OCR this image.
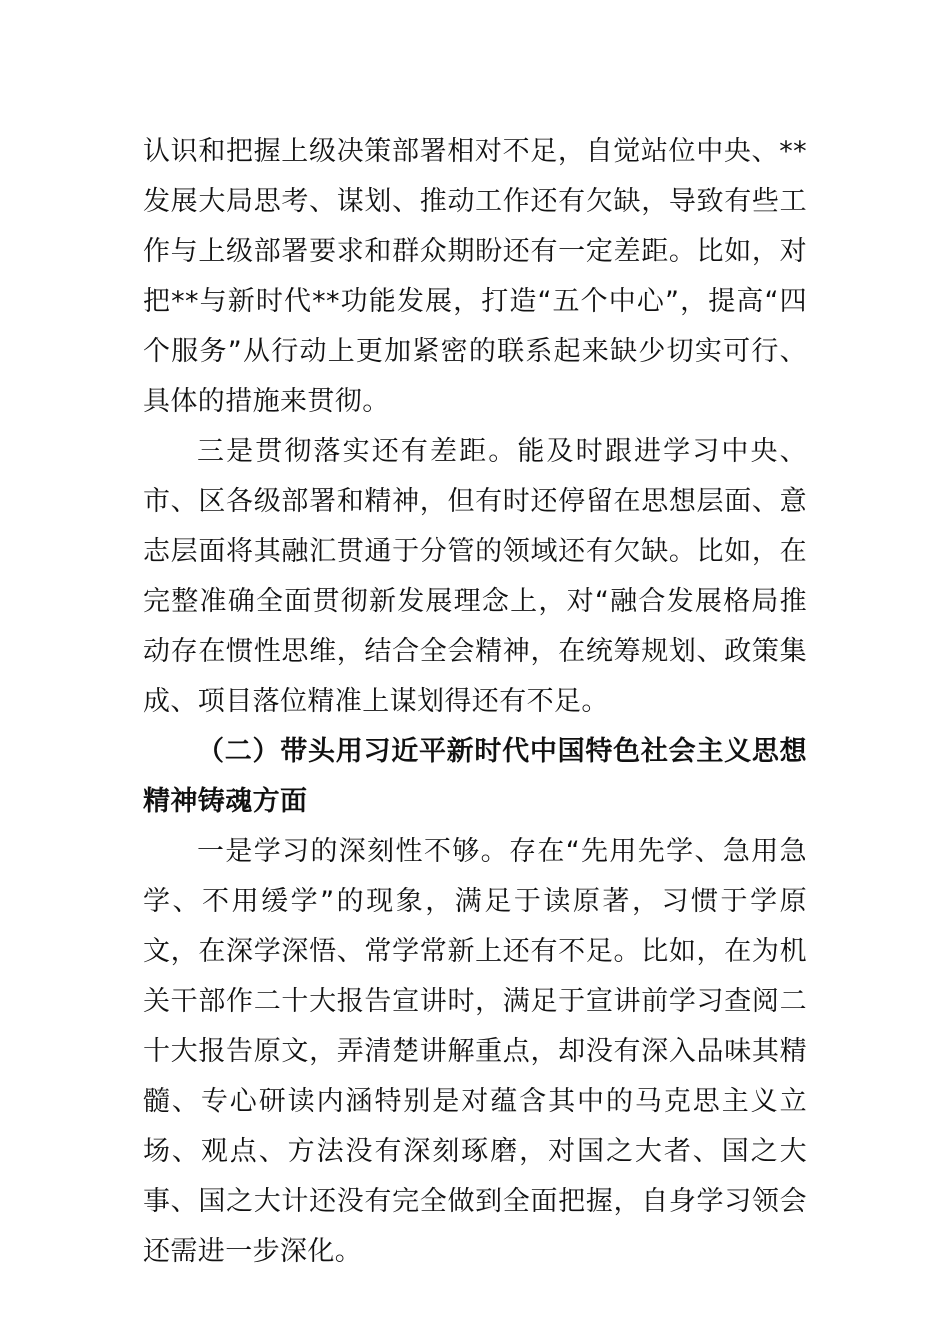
认识和把握上级决策部署相对不足，自觉站位中央、**发展大局思考、谋划、推动工作还有欠缺，导致有些工作与上级部署要求和群众期盼还有一定差距。比如，对把**与新时代**功能发展，打造“五个中心”，提高“四个服务”从行动上更加紧密的联系起来缺少切实可行、具体的措施来贯彻。

三是贯彻落实还有差距。能及时跟进学习中央、市、区各级部署和精神，但有时还停留在思想层面、意志层面将其融汇贯通于分管的领域还有欠缺。比如，在完整准确全面贯彻新发展理念上，对“融合发展格局推动存在惯性思维，结合全会精神，在统筹规划、政策集成、项目落位精准上谋划得还有不足。

（二）带头用习近平新时代中国特色社会主义思想精神铸魂方面

一是学习的深刻性不够。存在“先用先学、急用急学、不用缓学”的现象，满足于读原著，习惯于学原文，在深学深悟、常学常新上还有不足。比如，在为机关干部作二十大报告宣讲时，满足于宣讲前学习查阅二十大报告原文，弄清楚讲解重点，却没有深入品味其精髓、专心研读内涵特别是对蕴含其中的马克思主义立场、观点、方法没有深刻琢磨，对国之大者、国之大事、国之大计还没有完全做到全面把握，自身学习领会还需进一步深化。
